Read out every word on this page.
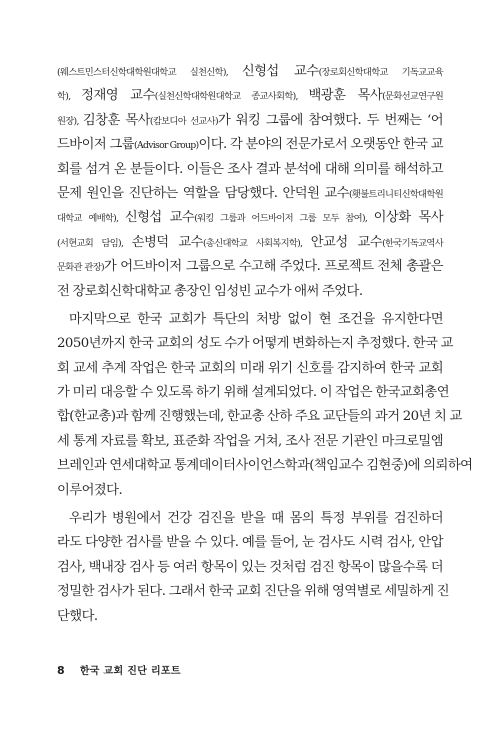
(웨스트민스터신학대학원대학교 실천신학), 신형섭 교수(장로회신학대학교 기독교교육
학), 정재영 교수(실천신학대학원대학교 종교사회학), 백광훈 목사(문화선교연구원
원장), 김창훈 목사(캄보디아 선교사)가 워킹 그룹에 참여했다. 두 번째는 ‘어
드바이저 그룹(Advisor Group)이다. 각 분야의 전문가로서 오랫동안 한국 교
회를 섬겨 온 분들이다. 이들은 조사 결과 분석에 대해 의미를 해석하고
문제 원인을 진단하는 역할을 담당했다. 안덕원 교수(횃불트리니티신학대학원
대학교 예배학), 신형섭 교수(워킹 그룹과 어드바이저 그룹 모두 참여), 이상화 목사
(서현교회 담임), 손병덕 교수(총신대학교 사회복지학), 안교성 교수(한국기독교역사
문화관 관장)가 어드바이저 그룹으로 수고해 주었다. 프로젝트 전체 총괄은
전 장로회신학대학교 총장인 임성빈 교수가 애써 주었다.
마지막으로 한국 교회가 특단의 처방 없이 현 조건을 유지한다면
2050년까지 한국 교회의 성도 수가 어떻게 변화하는지 추정했다. 한국 교
회 교세 추계 작업은 한국 교회의 미래 위기 신호를 감지하여 한국 교회
가 미리 대응할 수 있도록 하기 위해 설계되었다. 이 작업은 한국교회총연
합(한교총)과 함께 진행했는데, 한교총 산하 주요 교단들의 과거 20년 치 교
세 통계 자료를 확보, 표준화 작업을 거쳐, 조사 전문 기관인 마크로밀엠
브레인과 연세대학교 통계데이터사이언스학과(책임교수 김현중)에 의뢰하여
이루어졌다.
우리가 병원에서 건강 검진을 받을 때 몸의 특정 부위를 검진하더
라도 다양한 검사를 받을 수 있다. 예를 들어, 눈 검사도 시력 검사, 안압
검사, 백내장 검사 등 여러 항목이 있는 것처럼 검진 항목이 많을수록 더
정밀한 검사가 된다. 그래서 한국 교회 진단을 위해 영역별로 세밀하게 진
단했다.
8 한국 교회 진단 리포트
